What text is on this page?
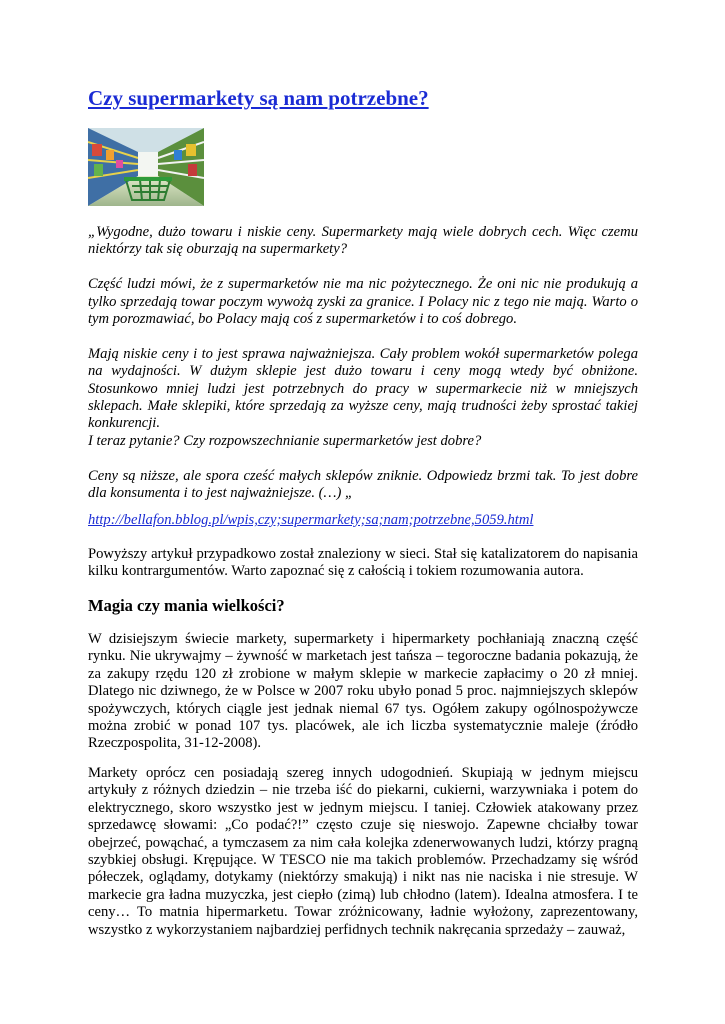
Czy supermarkety są nam potrzebne?

„Wygodne, dużo towaru i niskie ceny. Supermarkety mają wiele dobrych cech. Więc czemu niektórzy tak się oburzają na supermarkety?

Część ludzi mówi, że z supermarketów nie ma nic pożytecznego. Że oni nic nie produkują a tylko sprzedają towar poczym wywożą zyski za granice. I Polacy nic z tego nie mają. Warto o tym porozmawiać, bo Polacy mają coś z supermarketów i to coś dobrego.

Mają niskie ceny i to jest sprawa najważniejsza. Cały problem wokół supermarketów polega na wydajności. W dużym sklepie jest dużo towaru i ceny mogą wtedy być obniżone. Stosunkowo mniej ludzi jest potrzebnych do pracy w supermarkecie niż w mniejszych sklepach. Małe sklepiki, które sprzedają za wyższe ceny, mają trudności żeby sprostać takiej konkurencji.

I teraz pytanie? Czy rozpowszechnianie supermarketów jest dobre?

Ceny są niższe, ale spora cześć małych sklepów zniknie. Odpowiedz brzmi tak. To jest dobre dla konsumenta i to jest najważniejsze. (…) „

http://bellafon.bblog.pl/wpis,czy;supermarkety;sa;nam;potrzebne,5059.html

Powyższy artykuł przypadkowo został znaleziony w sieci. Stał się katalizatorem do napisania kilku kontrargumentów. Warto zapoznać się z całością i tokiem rozumowania autora.

Magia czy mania wielkości?

W dzisiejszym świecie markety, supermarkety i hipermarkety pochłaniają znaczną część rynku. Nie ukrywajmy – żywność w marketach jest tańsza – tegoroczne badania pokazują, że za zakupy rzędu 120 zł zrobione w małym sklepie w markecie zapłacimy o 20 zł mniej. Dlatego nic dziwnego, że w Polsce w 2007 roku ubyło ponad 5 proc. najmniejszych sklepów spożywczych, których ciągle jest jednak niemal 67 tys. Ogółem zakupy ogólnospożywcze można zrobić w ponad 107 tys. placówek, ale ich liczba systematycznie maleje (źródło Rzeczpospolita, 31-12-2008).

Markety oprócz cen posiadają szereg innych udogodnień. Skupiają w jednym miejscu artykuły z różnych dziedzin – nie trzeba iść do piekarni, cukierni, warzywniaka i potem do elektrycznego, skoro wszystko jest w jednym miejscu. I taniej. Człowiek atakowany przez sprzedawcę słowami: „Co podać?!” często czuje się nieswojo. Zapewne chciałby towar obejrzeć, powąchać, a tymczasem za nim cała kolejka zdenerwowanych ludzi, którzy pragną szybkiej obsługi. Krępujące. W TESCO nie ma takich problemów. Przechadzamy się wśród półeczek, oglądamy, dotykamy (niektórzy smakują) i nikt nas nie naciska i nie stresuje. W markecie gra ładna muzyczka, jest ciepło (zimą) lub chłodno (latem). Idealna atmosfera. I te ceny… To matnia hipermarketu. Towar zróżnicowany, ładnie wyłożony, zaprezentowany, wszystko z wykorzystaniem najbardziej perfidnych technik nakręcania sprzedaży – zauważ,
